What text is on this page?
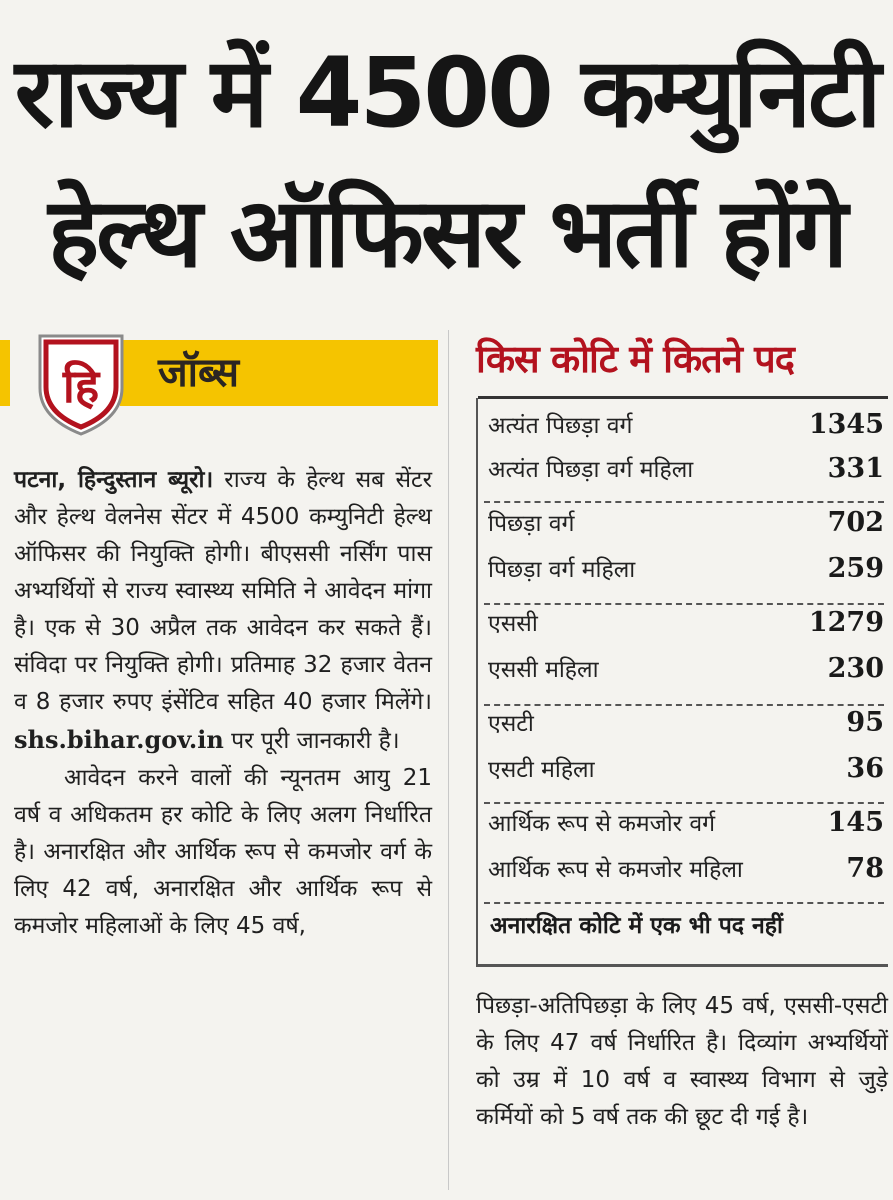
राज्य में 4500 कम्युनिटी
हेल्थ ऑफिसर भर्ती होंगे
जॉब्स
हि

पटना, हिन्दुस्तान ब्यूरो। राज्य के हेल्थ सब सेंटर और हेल्थ वेलनेस सेंटर में 4500 कम्युनिटी हेल्थ ऑफिसर की नियुक्ति होगी। बीएससी नर्सिंग पास अभ्यर्थियों से राज्य स्वास्थ्य समिति ने आवेदन मांगा है। एक से 30 अप्रैल तक आवेदन कर सकते हैं। संविदा पर नियुक्ति होगी। प्रतिमाह 32 हजार वेतन व 8 हजार रुपए इंसेंटिव सहित 40 हजार मिलेंगे। shs.bihar.gov.in पर पूरी जानकारी है।

आवेदन करने वालों की न्यूनतम आयु 21 वर्ष व अधिकतम हर कोटि के लिए अलग निर्धारित है। अनारक्षित और आर्थिक रूप से कमजोर वर्ग के लिए 42 वर्ष, अनारक्षित और आर्थिक रूप से कमजोर महिलाओं के लिए 45 वर्ष,

किस कोटि में कितने पद
अत्यंत पिछड़ा वर्ग	1345
अत्यंत पिछड़ा वर्ग महिला	331
पिछड़ा वर्ग	702
पिछड़ा वर्ग महिला	259
एससी	1279
एससी महिला	230
एसटी	95
एसटी महिला	36
आर्थिक रूप से कमजोर वर्ग	145
आर्थिक रूप से कमजोर महिला	78
अनारक्षित कोटि में एक भी पद नहीं

पिछड़ा-अतिपिछड़ा के लिए 45 वर्ष, एससी-एसटी के लिए 47 वर्ष निर्धारित है। दिव्यांग अभ्यर्थियों को उम्र में 10 वर्ष व स्वास्थ्य विभाग से जुड़े कर्मियों को 5 वर्ष तक की छूट दी गई है।
